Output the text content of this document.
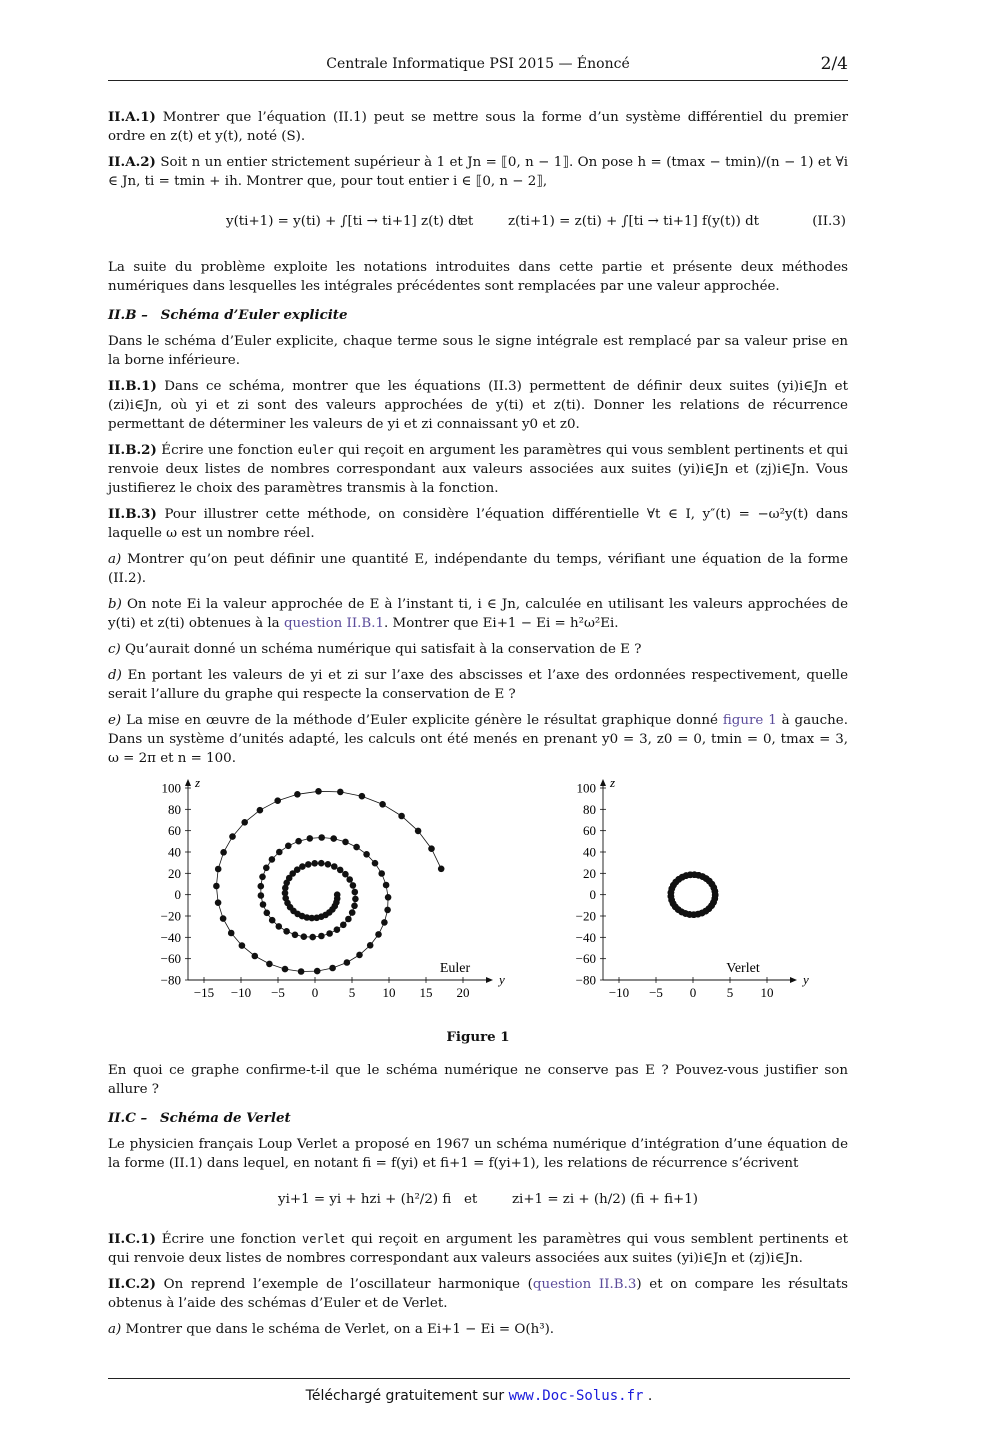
Centrale Informatique PSI 2015 — Énoncé	2/4

II.A.1) Montrer que l’équation (II.1) peut se mettre sous la forme d’un système différentiel du premier ordre en z(t) et y(t), noté (S).

II.A.2) Soit n un entier strictement supérieur à 1 et Jn = ⟦0, n − 1⟧. On pose h = (tmax − tmin)/(n − 1) et ∀i ∈ Jn, ti = tmin + ih. Montrer que, pour tout entier i ∈ ⟦0, n − 2⟧,

y(ti+1) = y(ti) + ∫[ti → ti+1] z(t) dt
et	z(ti+1) = z(ti) + ∫[ti → ti+1] f(y(t)) dt	(II.3)

La suite du problème exploite les notations introduites dans cette partie et présente deux méthodes numériques dans lesquelles les intégrales précédentes sont remplacées par une valeur approchée.

II.B – Schéma d’Euler explicite

Dans le schéma d’Euler explicite, chaque terme sous le signe intégrale est remplacé par sa valeur prise en la borne inférieure.

II.B.1) Dans ce schéma, montrer que les équations (II.3) permettent de définir deux suites (yi)i∈Jn et (zi)i∈Jn, où yi et zi sont des valeurs approchées de y(ti) et z(ti). Donner les relations de récurrence permettant de déterminer les valeurs de yi et zi connaissant y0 et z0.

II.B.2) Écrire une fonction euler qui reçoit en argument les paramètres qui vous semblent pertinents et qui renvoie deux listes de nombres correspondant aux valeurs associées aux suites (yi)i∈Jn et (zj)i∈Jn. Vous justifierez le choix des paramètres transmis à la fonction.

II.B.3) Pour illustrer cette méthode, on considère l’équation différentielle ∀t ∈ I, y″(t) = −ω²y(t) dans laquelle ω est un nombre réel.

a) Montrer qu’on peut définir une quantité E, indépendante du temps, vérifiant une équation de la forme (II.2).

b) On note Ei la valeur approchée de E à l’instant ti, i ∈ Jn, calculée en utilisant les valeurs approchées de y(ti) et z(ti) obtenues à la question II.B.1. Montrer que Ei+1 − Ei = h²ω²Ei.

c) Qu’aurait donné un schéma numérique qui satisfait à la conservation de E ?

d) En portant les valeurs de yi et zi sur l’axe des abscisses et l’axe des ordonnées respectivement, quelle serait l’allure du graphe qui respecte la conservation de E ?

e) La mise en œuvre de la méthode d’Euler explicite génère le résultat graphique donné figure 1 à gauche. Dans un système d’unités adapté, les calculs ont été menés en prenant y0 = 3, z0 = 0, tmin = 0, tmax = 3, ω = 2π et n = 100.

−15 −10 −5 0 5 10 15 20
−80
−60
−40
−20
0
20
40
60
80
100 z
y
Euler
−10 −5 0 5 10
−80
−60
−40
−20
0
20
40
60
80
100 z
y
Verlet
Figure 1

En quoi ce graphe confirme-t-il que le schéma numérique ne conserve pas E ? Pouvez-vous justifier son allure ?

II.C – Schéma de Verlet

Le physicien français Loup Verlet a proposé en 1967 un schéma numérique d’intégration d’une équation de la forme (II.1) dans lequel, en notant fi = f(yi) et fi+1 = f(yi+1), les relations de récurrence s’écrivent

yi+1 = yi + hzi + (h²/2) fi et	zi+1 = zi + (h/2) (fi + fi+1)

II.C.1) Écrire une fonction verlet qui reçoit en argument les paramètres qui vous semblent pertinents et qui renvoie deux listes de nombres correspondant aux valeurs associées aux suites (yi)i∈Jn et (zj)i∈Jn.

II.C.2) On reprend l’exemple de l’oscillateur harmonique (question II.B.3) et on compare les résultats obtenus à l’aide des schémas d’Euler et de Verlet.

a) Montrer que dans le schéma de Verlet, on a Ei+1 − Ei = O(h³).

Téléchargé gratuitement sur www.Doc-Solus.fr .
